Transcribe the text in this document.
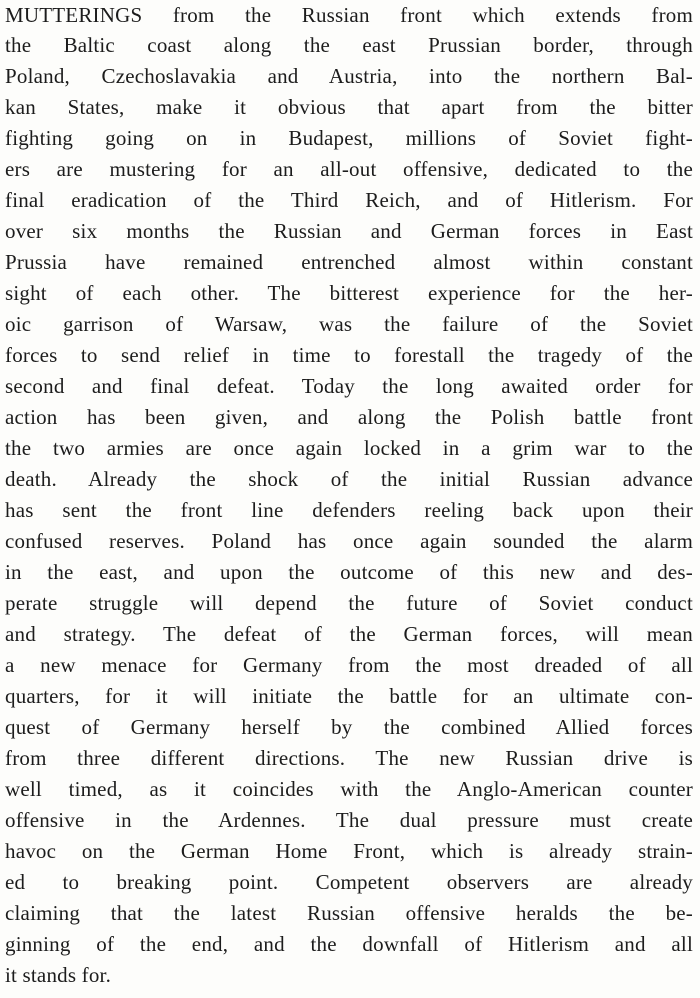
MUTTERINGS from the Russian front which extends from
the Baltic coast along the east Prussian border, through
Poland, Czechoslavakia and Austria, into the northern Bal-
kan States, make it obvious that apart from the bitter
fighting going on in Budapest, millions of Soviet fight-
ers are mustering for an all-out offensive, dedicated to the
final eradication of the Third Reich, and of Hitlerism. For
over six months the Russian and German forces in East
Prussia have remained entrenched almost within constant
sight of each other. The bitterest experience for the her-
oic garrison of Warsaw, was the failure of the Soviet
forces to send relief in time to forestall the tragedy of the
second and final defeat. Today the long awaited order for
action has been given, and along the Polish battle front
the two armies are once again locked in a grim war to the
death. Already the shock of the initial Russian advance
has sent the front line defenders reeling back upon their
confused reserves. Poland has once again sounded the alarm
in the east, and upon the outcome of this new and des-
perate struggle will depend the future of Soviet conduct
and strategy. The defeat of the German forces, will mean
a new menace for Germany from the most dreaded of all
quarters, for it will initiate the battle for an ultimate con-
quest of Germany herself by the combined Allied forces
from three different directions. The new Russian drive is
well timed, as it coincides with the Anglo-American counter
offensive in the Ardennes. The dual pressure must create
havoc on the German Home Front, which is already strain-
ed to breaking point. Competent observers are already
claiming that the latest Russian offensive heralds the be-
ginning of the end, and the downfall of Hitlerism and all
it stands for.
